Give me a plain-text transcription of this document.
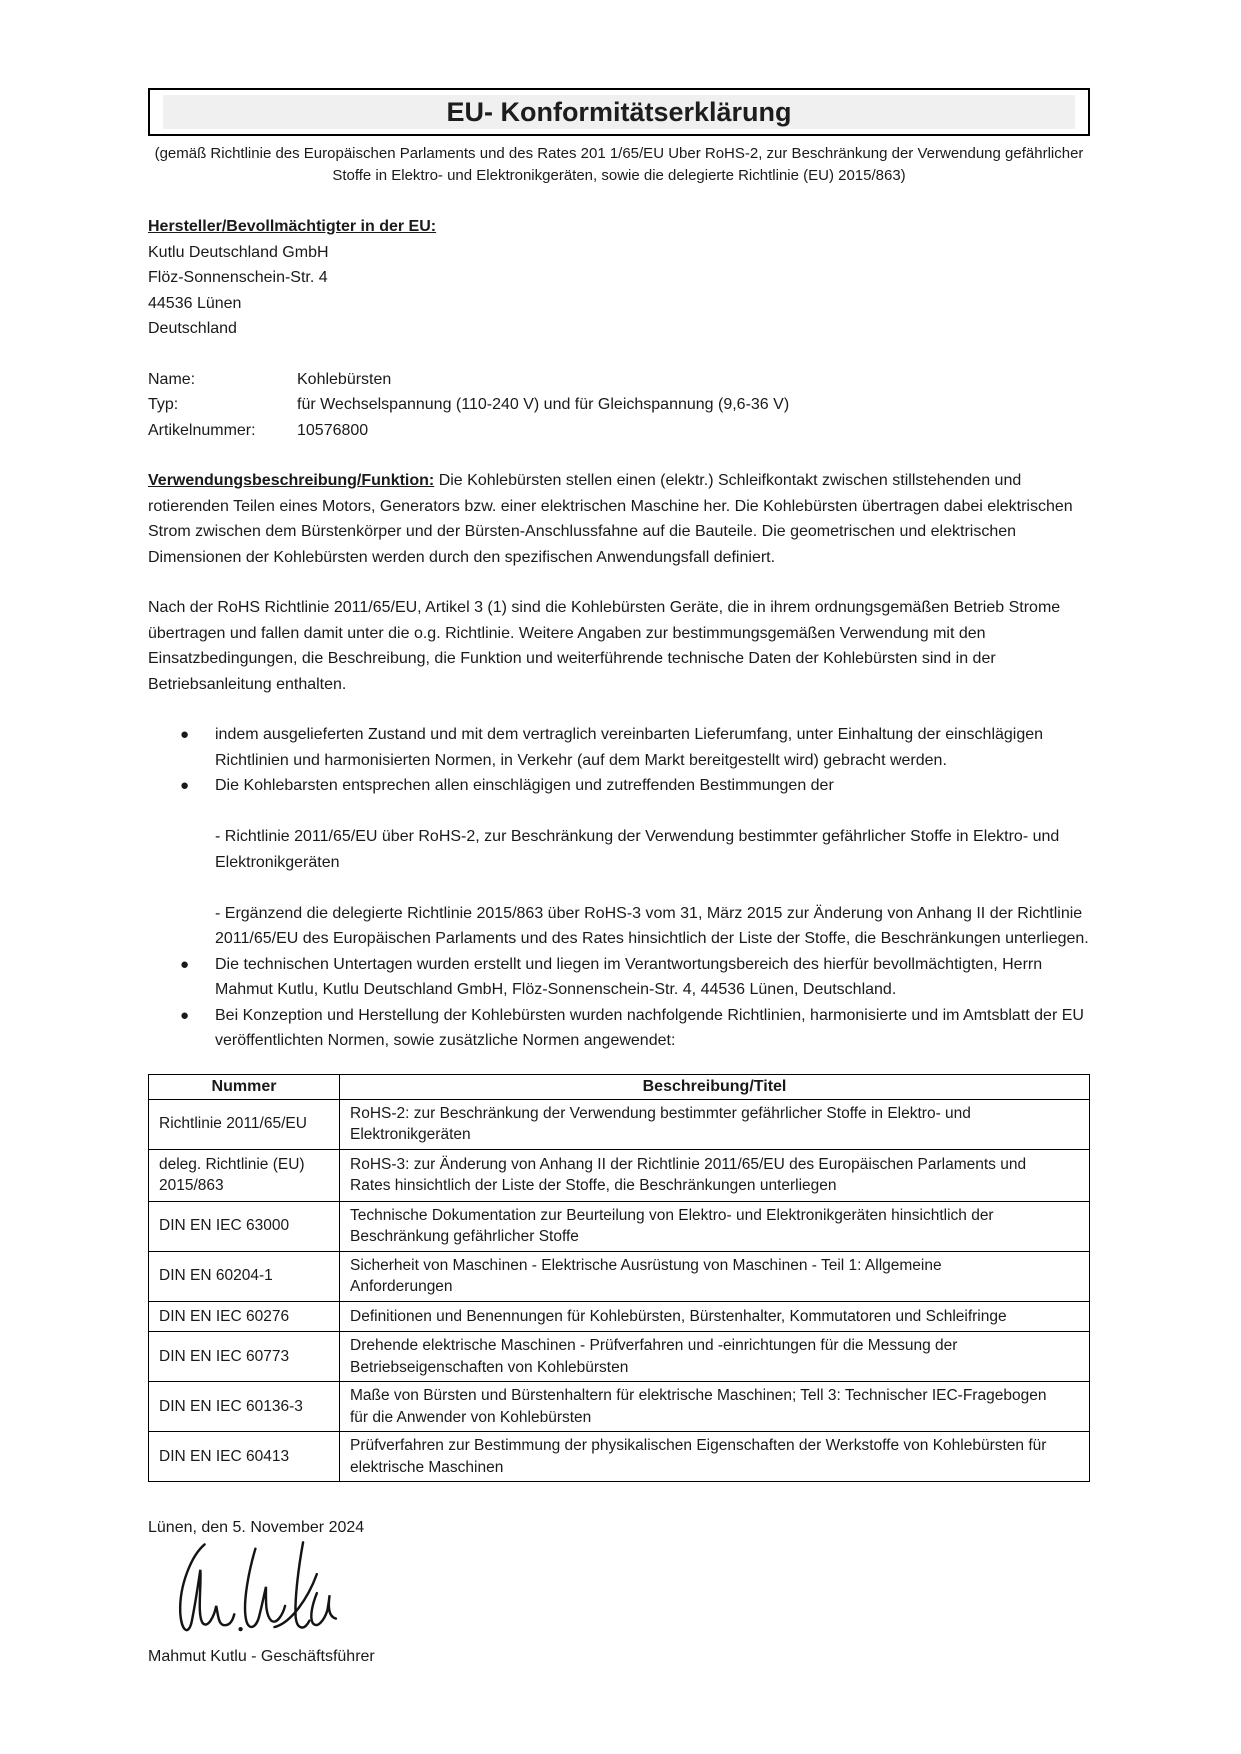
EU- Konformitätserklärung
(gemäß Richtlinie des Europäischen Parlaments und des Rates 201 1/65/EU Uber RoHS-2, zur Beschränkung der Verwendung gefährlicher Stoffe in Elektro- und Elektronikgeräten, sowie die delegierte Richtlinie (EU) 2015/863)
Hersteller/Bevollmächtigter in der EU:
Kutlu Deutschland GmbH
Flöz-Sonnenschein-Str. 4
44536 Lünen
Deutschland
Name:	Kohlebürsten
Typ:	für Wechselspannung (110-240 V) und für Gleichspannung (9,6-36 V)
Artikelnummer:	10576800
Verwendungsbeschreibung/Funktion: Die Kohlebürsten stellen einen (elektr.) Schleifkontakt zwischen stillstehenden und rotierenden Teilen eines Motors, Generators bzw. einer elektrischen Maschine her. Die Kohlebürsten übertragen dabei elektrischen Strom zwischen dem Bürstenkörper und der Bürsten-Anschlussfahne auf die Bauteile. Die geometrischen und elektrischen Dimensionen der Kohlebürsten werden durch den spezifischen Anwendungsfall definiert.
Nach der RoHS Richtlinie 2011/65/EU, Artikel 3 (1) sind die Kohlebürsten Geräte, die in ihrem ordnungsgemäßen Betrieb Strome übertragen und fallen damit unter die o.g. Richtlinie. Weitere Angaben zur bestimmungsgemäßen Verwendung mit den Einsatzbedingungen, die Beschreibung, die Funktion und weiterführende technische Daten der Kohlebürsten sind in der Betriebsanleitung enthalten.
●	indem ausgelieferten Zustand und mit dem vertraglich vereinbarten Lieferumfang, unter Einhaltung der einschlägigen Richtlinien und harmonisierten Normen, in Verkehr (auf dem Markt bereitgestellt wird) gebracht werden.
●	Die Kohlebarsten entsprechen allen einschlägigen und zutreffenden Bestimmungen der
- Richtlinie 2011/65/EU über RoHS-2, zur Beschränkung der Verwendung bestimmter gefährlicher Stoffe in Elektro- und Elektronikgeräten
- Ergänzend die delegierte Richtlinie 2015/863 über RoHS-3 vom 31, März 2015 zur Änderung von Anhang II der Richtlinie 2011/65/EU des Europäischen Parlaments und des Rates hinsichtlich der Liste der Stoffe, die Beschränkungen unterliegen.
●	Die technischen Untertagen wurden erstellt und liegen im Verantwortungsbereich des hierfür bevollmächtigten, Herrn Mahmut Kutlu, Kutlu Deutschland GmbH, Flöz-Sonnenschein-Str. 4, 44536 Lünen, Deutschland.
●	Bei Konzeption und Herstellung der Kohlebürsten wurden nachfolgende Richtlinien, harmonisierte und im Amtsblatt der EU veröffentlichten Normen, sowie zusätzliche Normen angewendet:
Nummer	Beschreibung/Titel
Richtlinie 2011/65/EU	RoHS-2: zur Beschränkung der Verwendung bestimmter gefährlicher Stoffe in Elektro- und Elektronikgeräten
deleg. Richtlinie (EU) 2015/863	RoHS-3: zur Änderung von Anhang II der Richtlinie 2011/65/EU des Europäischen Parlaments und Rates hinsichtlich der Liste der Stoffe, die Beschränkungen unterliegen
DIN EN IEC 63000	Technische Dokumentation zur Beurteilung von Elektro- und Elektronikgeräten hinsichtlich der Beschränkung gefährlicher Stoffe
DIN EN 60204-1	Sicherheit von Maschinen - Elektrische Ausrüstung von Maschinen - Teil 1: Allgemeine Anforderungen
DIN EN IEC 60276	Definitionen und Benennungen für Kohlebürsten, Bürstenhalter, Kommutatoren und Schleifringe
DIN EN IEC 60773	Drehende elektrische Maschinen - Prüfverfahren und -einrichtungen für die Messung der Betriebseigenschaften von Kohlebürsten
DIN EN IEC 60136-3	Maße von Bürsten und Bürstenhaltern für elektrische Maschinen; Tell 3: Technischer IEC-Fragebogen für die Anwender von Kohlebürsten
DIN EN IEC 60413	Prüfverfahren zur Bestimmung der physikalischen Eigenschaften der Werkstoffe von Kohlebürsten für elektrische Maschinen
Lünen, den 5. November 2024
Mahmut Kutlu - Geschäftsführer
